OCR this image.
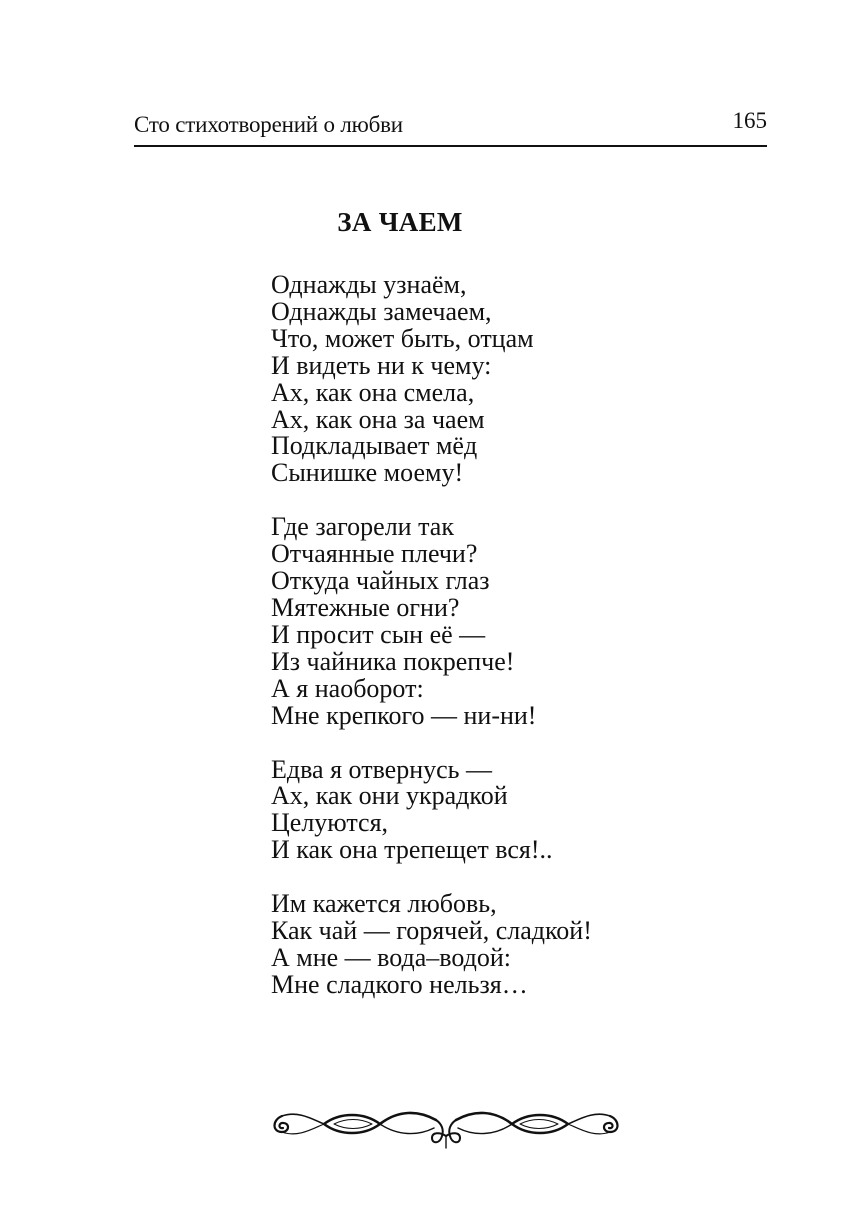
Сто стихотворений о любви	165
ЗА ЧАЕМ
Однажды узнаём,
Однажды замечаем,
Что, может быть, отцам
И видеть ни к чему:
Ах, как она смела,
Ах, как она за чаем
Подкладывает мёд
Сынишке моему!
Где загорели так
Отчаянные плечи?
Откуда чайных глаз
Мятежные огни?
И просит сын её —
Из чайника покрепче!
А я наоборот:
Мне крепкого — ни-ни!
Едва я отвернусь —
Ах, как они украдкой
Целуются,
И как она трепещет вся!..
Им кажется любовь,
Как чай — горячей, сладкой!
А мне — вода–водой:
Мне сладкого нельзя…
